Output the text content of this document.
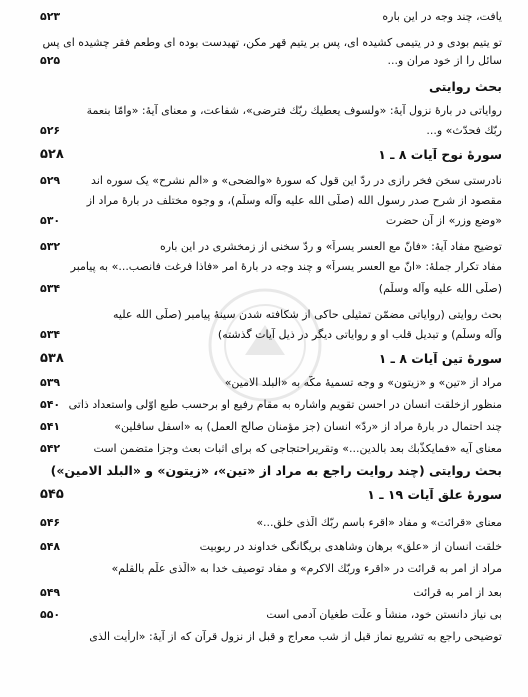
یافت، چند وجه در این باره
۵۲۳
تو یتیم بودی و در یتیمی کشیده ای، پس بر یتیم قهر مکن، تهیدست بوده ای وطعم فقر چشیده ای پس
سائل را از خود مران و...
۵۲۵
بحث روایتی
روایاتی در بارۀ نزول آیۀ: «ولسوف یعطیك ربّك فترضی»، شفاعت، و معنای آیۀ: «وامّا بنعمة
ربّك فحدّث» و...
۵۲۶
سورۀ نوح آیات ۸ ـ ۱
۵۲۸
نادرستی سخن فخر رازی در ردّ این قول که سورۀ «والضحی» و «الم نشرح» یک سوره اند
۵۲۹
مقصود از شرح صدر رسول الله (صلّی الله علیه وآله وسلّم)، و وجوه مختلف در بارۀ مراد از
«وضع وزر» از آن حضرت
۵۳۰
توضیح مفاد آیۀ: «فانّ مع العسر یسراً» و ردّ سخنی از زمخشری در این باره
۵۳۲
مفاد تکرار جملۀ: «انّ مع العسر یسراً» و چند وجه در بارۀ امر «فاذا فرغت فانصب...» به پیامبر
(صلّی الله علیه وآله وسلّم)
۵۳۴
بحث روایتی (روایاتی مضمّن تمثیلی حاکی از شکافته شدن سینۀ پیامبر (صلّی الله علیه
وآله وسلّم) و تبدیل قلب او و روایاتی دیگر در ذیل آیات گذشته)
۵۳۴
سورۀ تین آیات ۸ ـ ۱
۵۳۸
مراد از «تین» و «زیتون» و وجه تسمیۀ مکّه به «البلد الامین»
۵۳۹
منظور ازخلقت انسان در احسن تقویم واشاره به مقام رفیع او برحسب طبع اوّلی واستعداد ذاتی
۵۴۰
چند احتمال در بارۀ مراد از «ردّ» انسان (جز مؤمنان صالح العمل) به «اسفل سافلین»
۵۴۱
معنای آیه «فمایکذّبك بعد بالدین...» وتقریراحتجاجی که برای اثبات بعث وجزا متضمن است
۵۴۲
بحث روایتی (چند روایت راجع به مراد از «تین»، «زیتون» و «البلد الامین»)
سورۀ علق آیات ۱۹ ـ ۱
۵۴۵
معنای «قرائت» و مفاد «اقرء باسم ربّك الّذی خلق...»
۵۴۶
خلقت انسان از «علق» برهان وشاهدی بریگانگی خداوند در ربوبیت
۵۴۸
مراد از امر به قرائت در «اقرء وربّك الاكرم» و مفاد توصیف خدا به «الّذی علّم بالقلم»
بعد از امر به قرائت
۵۴۹
بی نیاز دانستن خود، منشأ و علّت طغیان آدمی است
۵۵۰
توضیحی راجع به تشریع نماز قبل از شب معراج و قبل از نزول قرآن که از آیۀ: «ارأیت الذی
